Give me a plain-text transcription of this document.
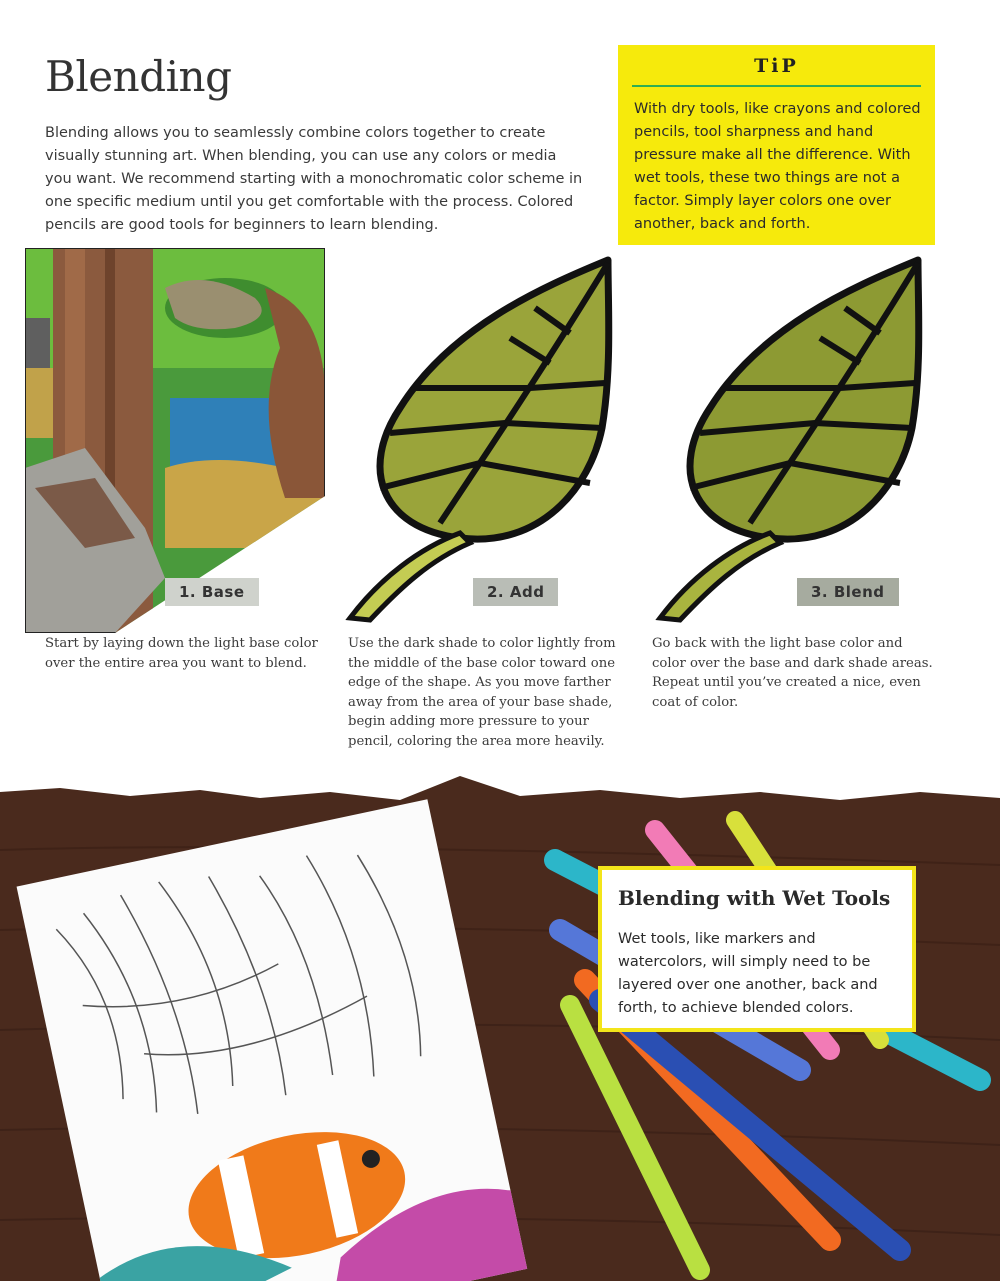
Blending
Blending allows you to seamlessly combine colors together to create visually stunning art. When blending, you can use any colors or media you want. We recommend starting with a monochromatic color scheme in one specific medium until you get comfortable with the process. Colored pencils are good tools for beginners to learn blending.
TiP
With dry tools, like crayons and colored pencils, tool sharpness and hand pressure make all the difference. With wet tools, these two things are not a factor. Simply layer colors one over another, back and forth.
1. Base	2. Add	3. Blend
Start by laying down the light base color over the entire area you want to blend.
Use the dark shade to color lightly from the middle of the base color toward one edge of the shape. As you move farther away from the area of your base shade, begin adding more pressure to your pencil, coloring the area more heavily.
Go back with the light base color and color over the base and dark shade areas. Repeat until you’ve created a nice, even coat of color.
Blending with Wet Tools
Wet tools, like markers and watercolors, will simply need to be layered over one another, back and forth, to achieve blended colors.
